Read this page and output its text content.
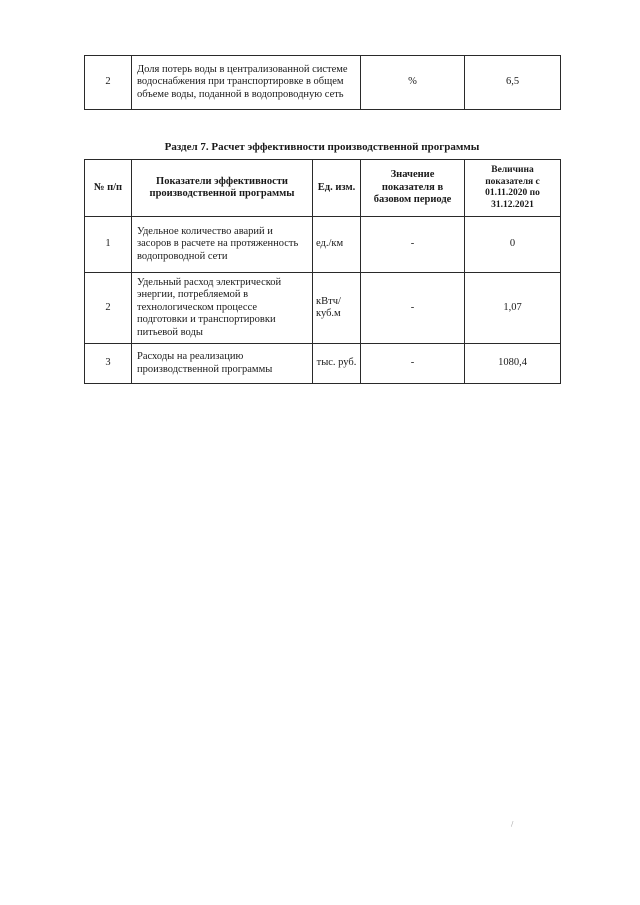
2	Доля потерь воды в централизованной системе водоснабжения при транспортировке в общем объеме воды, поданной в водопроводную сеть	%	6,5
Раздел 7. Расчет эффективности производственной программы
№ п/п	Показатели эффективности производственной программы	Ед. изм.	Значение показателя в базовом периоде	Величина показателя с 01.11.2020 по 31.12.2021
1	Удельное количество аварий и засоров в расчете на протяженность водопроводной сети	ед./км	-	0
2	Удельный расход электрической энергии, потребляемой в технологическом процессе подготовки и транспортировки питьевой воды	кВтч/ куб.м	-	1,07
3	Расходы на реализацию производственной программы	тыс. руб.	-	1080,4
/
